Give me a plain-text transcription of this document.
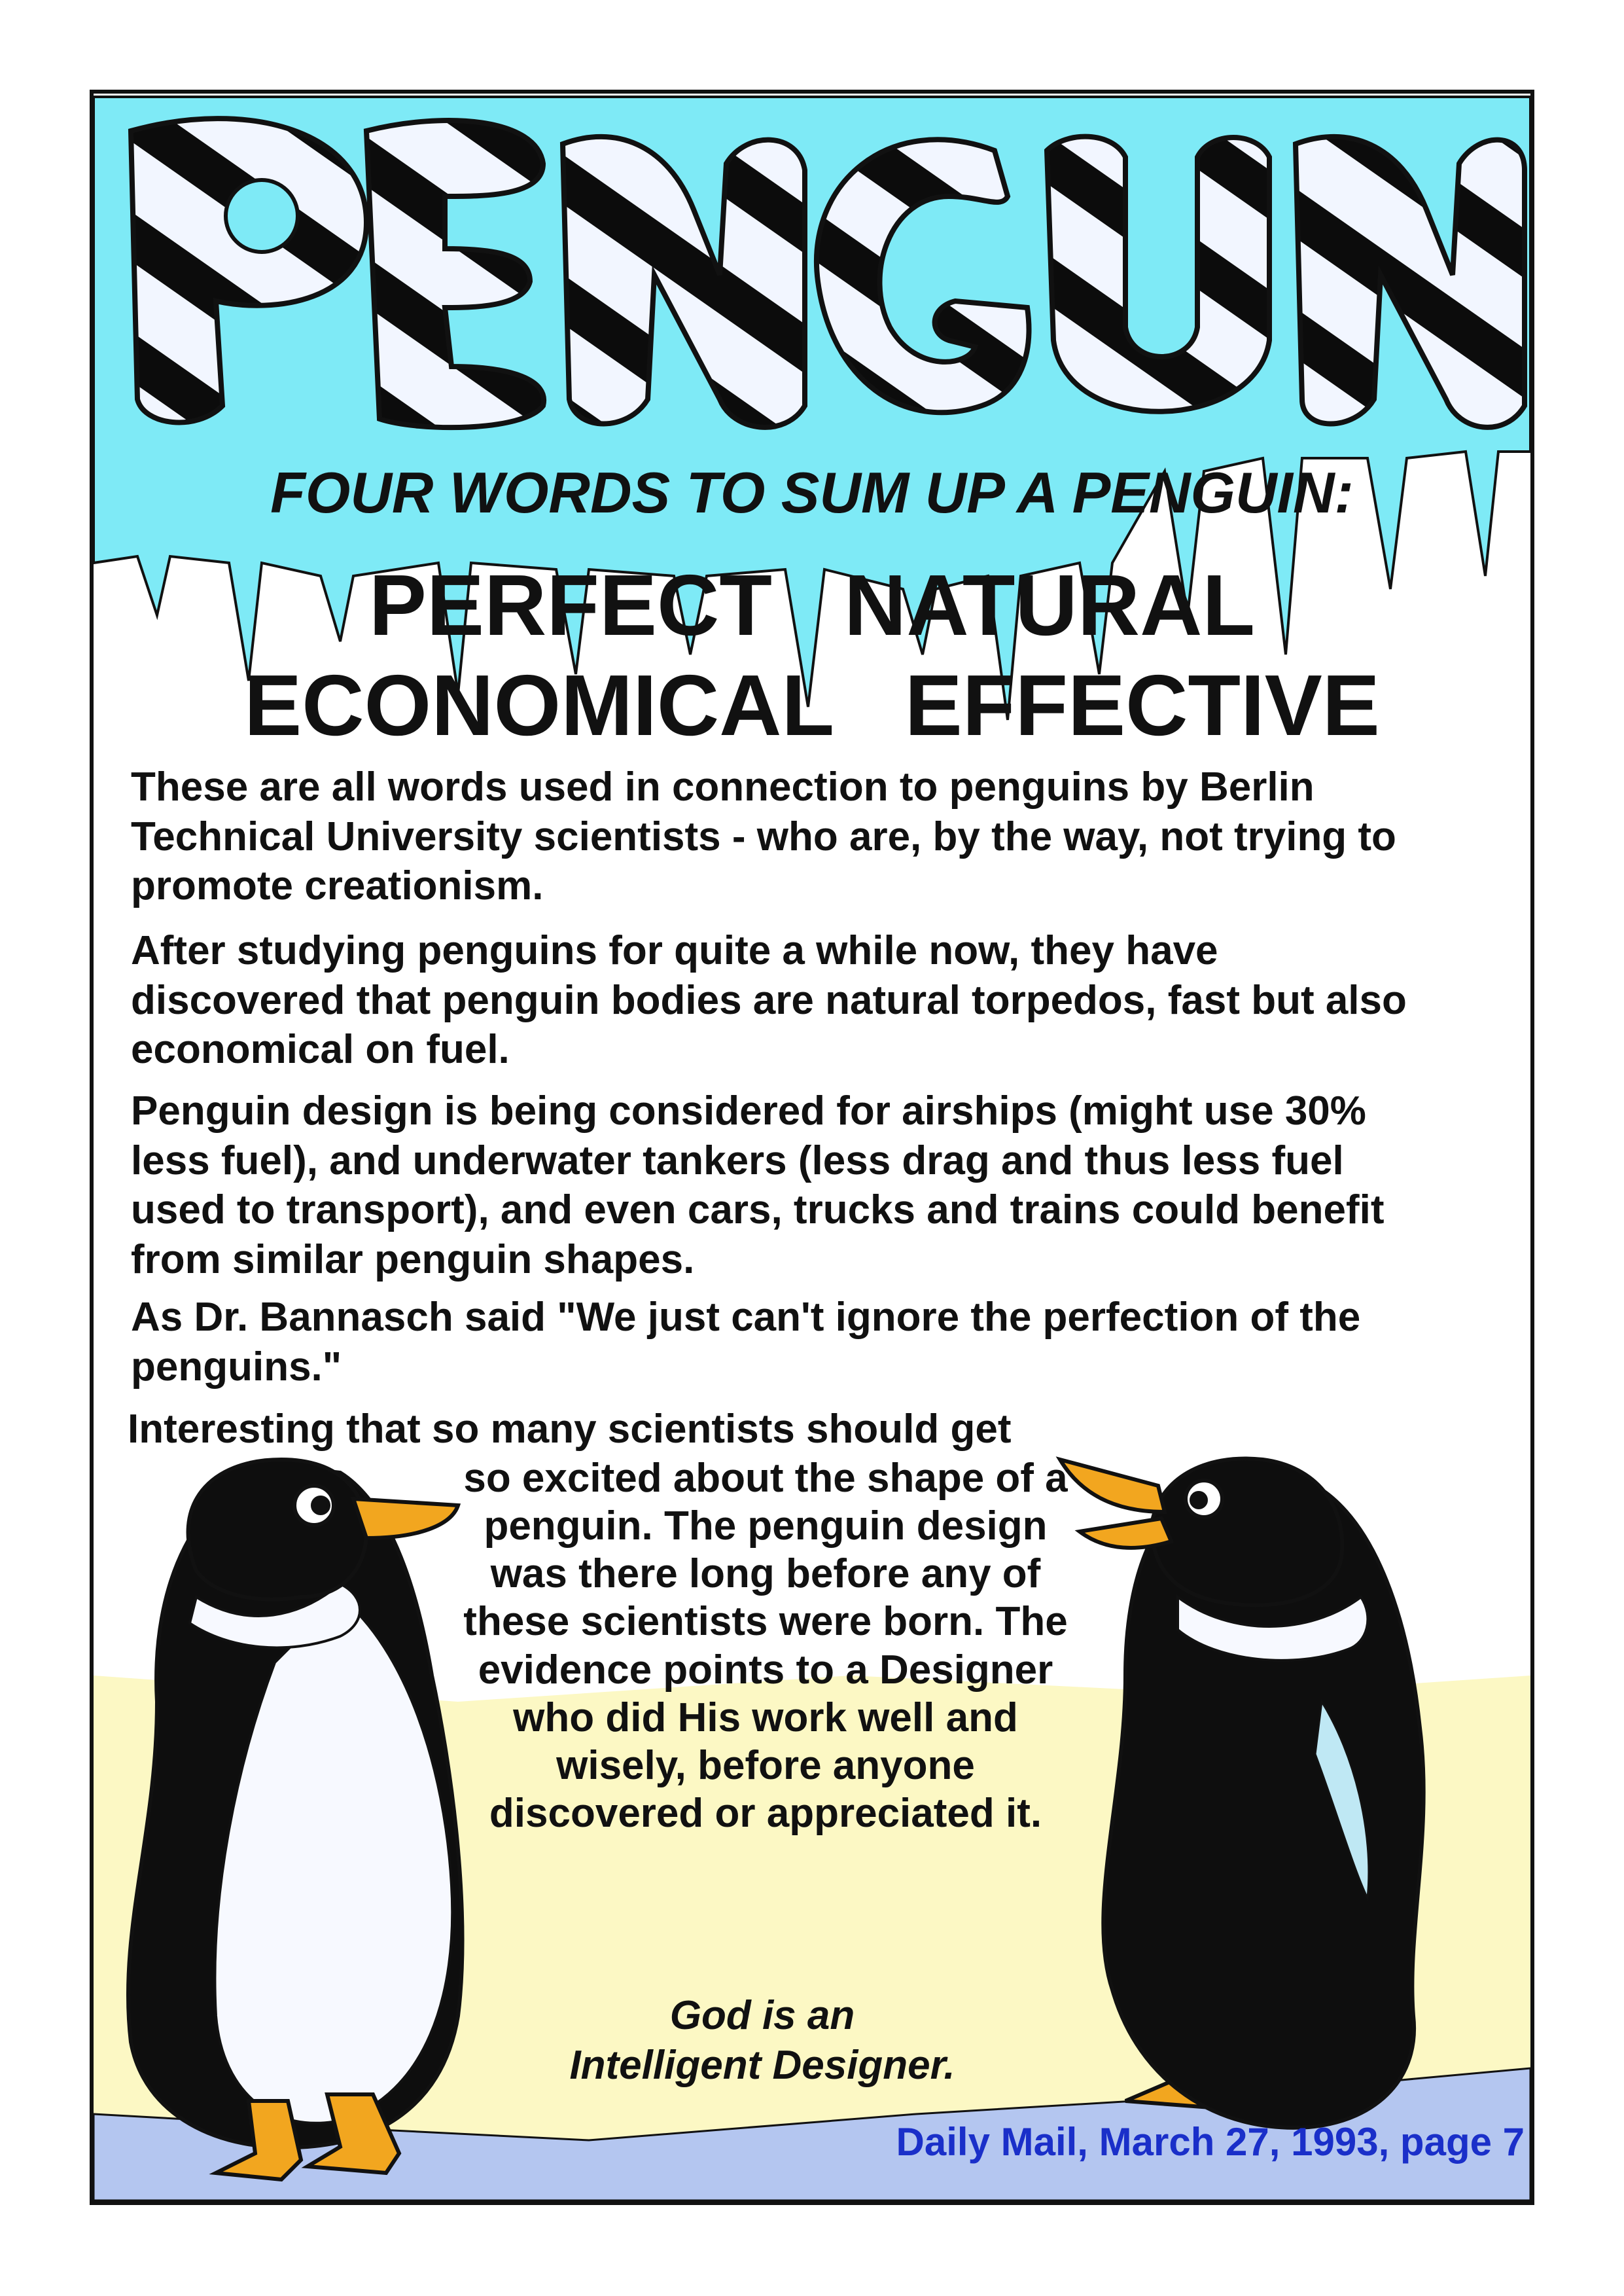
FOUR WORDS TO SUM UP A PENGUIN:
PERFECT   NATURAL
ECONOMICAL   EFFECTIVE

These are all words used in connection to penguins by Berlin Technical University scientists - who are, by the way, not trying to promote creationism.

After studying penguins for quite a while now, they have discovered that penguin bodies are natural torpedos, fast but also economical on fuel.

Penguin design is being considered for airships (might use 30% less fuel), and underwater tankers (less drag and thus less fuel used to transport), and even cars, trucks and trains could benefit from similar penguin shapes.

As Dr. Bannasch said "We just can't ignore the perfection of the penguins."

Interesting that so many scientists should get

so excited about the shape of a penguin. The penguin design was there long before any of these scientists were born. The evidence points to a Designer who did His work well and wisely, before anyone discovered or appreciated it.

God is an
Intelligent Designer.
Daily Mail, March 27, 1993, page 7
